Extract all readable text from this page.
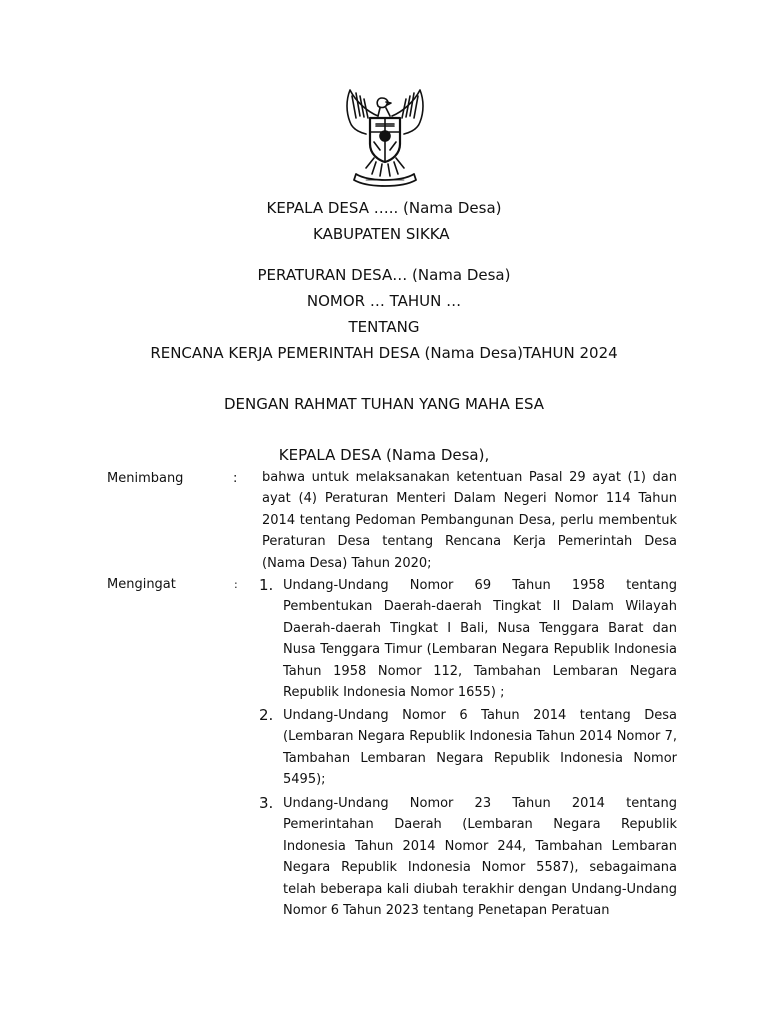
KEPALA DESA ….. (Nama Desa)
KABUPATEN SIKKA
PERATURAN DESA… (Nama Desa)
NOMOR … TAHUN …
TENTANG
RENCANA KERJA PEMERINTAH DESA (Nama Desa)TAHUN 2024
DENGAN RAHMAT TUHAN YANG MAHA ESA
KEPALA DESA (Nama Desa),
Menimbang	: bahwa untuk melaksanakan ketentuan Pasal 29 ayat (1) dan ayat (4) Peraturan Menteri Dalam Negeri Nomor 114 Tahun 2014 tentang Pedoman Pembangunan Desa, perlu membentuk Peraturan Desa tentang Rencana Kerja Pemerintah Desa (Nama Desa) Tahun 2020;
Mengingat	: 1. Undang-Undang Nomor 69 Tahun 1958 tentang Pembentukan Daerah-daerah Tingkat II Dalam Wilayah Daerah-daerah Tingkat I Bali, Nusa Tenggara Barat dan Nusa Tenggara Timur (Lembaran Negara Republik Indonesia Tahun 1958 Nomor 112, Tambahan Lembaran Negara Republik Indonesia Nomor 1655) ;
2. Undang-Undang Nomor 6 Tahun 2014 tentang Desa (Lembaran Negara Republik Indonesia Tahun 2014 Nomor 7, Tambahan Lembaran Negara Republik Indonesia Nomor 5495);
3. Undang-Undang Nomor 23 Tahun 2014 tentang Pemerintahan Daerah (Lembaran Negara Republik Indonesia Tahun 2014 Nomor 244, Tambahan Lembaran Negara Republik Indonesia Nomor 5587), sebagaimana telah beberapa kali diubah terakhir dengan Undang-Undang Nomor 6 Tahun 2023 tentang Penetapan Peratuan
